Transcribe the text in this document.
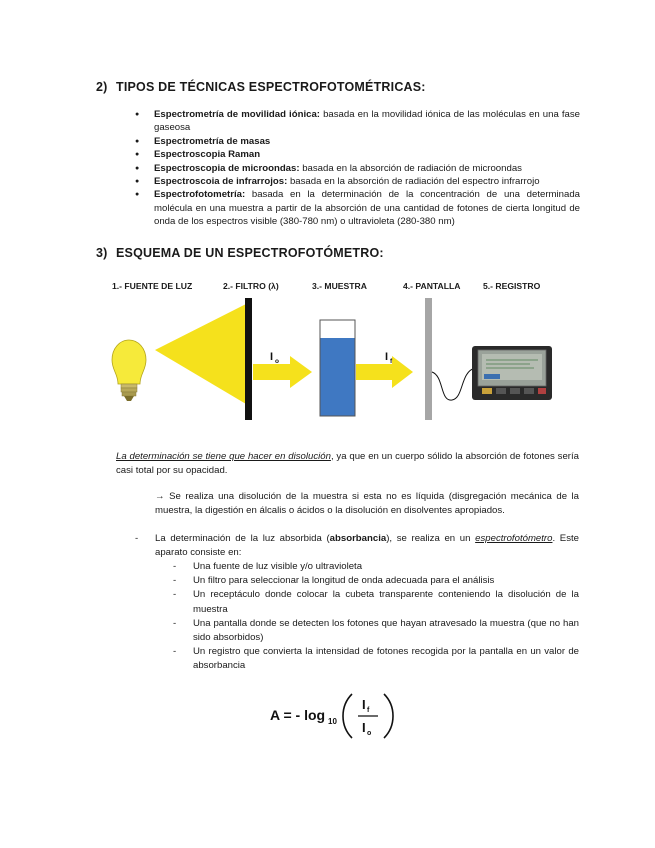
2) TIPOS DE TÉCNICAS ESPECTROFOTOMÉTRICAS:
● Espectrometría de movilidad iónica: basada en la movilidad iónica de las moléculas en una fase gaseosa
● Espectrometría de masas
● Espectroscopia Raman
● Espectroscopia de microondas: basada en la absorción de radiación de microondas
● Espectroscoia de infrarrojos: basada en la absorción de radiación del espectro infrarrojo
● Espectrofotometría: basada en la determinación de la concentración de una determinada molécula en una muestra a partir de la absorción de una cantidad de fotones de cierta longitud de onda de los espectros visible (380-780 nm) o ultravioleta (280-380 nm)
3) ESQUEMA DE UN ESPECTROFOTÓMETRO:
1.- FUENTE DE LUZ	2.- FILTRO (λ)	3.- MUESTRA	4.- PANTALLA	5.- REGISTRO
I o	I f
La determinación se tiene que hacer en disolución, ya que en un cuerpo sólido la absorción de fotones sería casi total por su opacidad.
→ Se realiza una disolución de la muestra si esta no es líquida (disgregación mecánica de la muestra, la digestión en álcalis o ácidos o la disolución en disolventes apropiados.
- La determinación de la luz absorbida (absorbancia), se realiza en un espectrofotómetro. Este aparato consiste en:
- Una fuente de luz visible y/o ultravioleta
- Un filtro para seleccionar la longitud de onda adecuada para el análisis
- Un receptáculo donde colocar la cubeta transparente conteniendo la disolución de la muestra
- Una pantalla donde se detecten los fotones que hayan atravesado la muestra (que no han sido absorbidos)
- Un registro que convierta la intensidad de fotones recogida por la pantalla en un valor de absorbancia
A = - log 10
I f
I o
